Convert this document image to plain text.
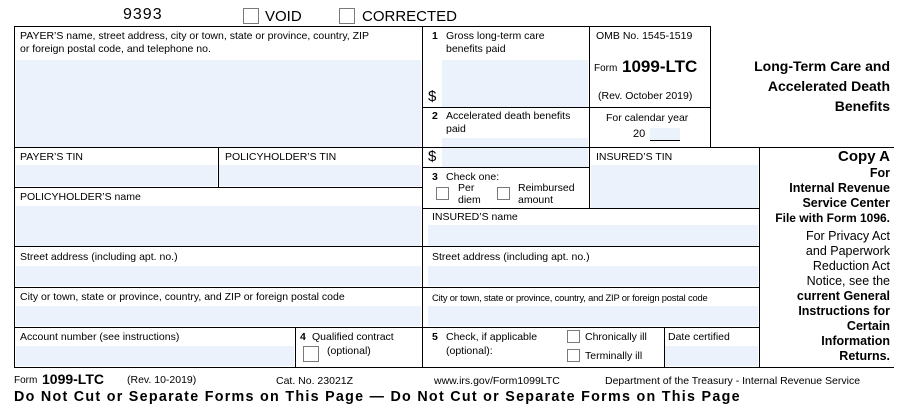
9393	VOID	CORRECTED
PAYER’S name, street address, city or town, state or province, country, ZIP
or foreign postal code, and telephone no.
1 Gross long-term care
benefits paid
$
OMB No. 1545-1519
Form 1099-LTC
(Rev. October 2019)
Long-Term Care and
Accelerated Death
Benefits
2 Accelerated death benefits
paid
$
For calendar year
20
PAYER’S TIN	POLICYHOLDER’S TIN	INSURED’S TIN
3 Check one:
Per
diem
Reimbursed
amount
POLICYHOLDER’S name
INSURED’S name
Street address (including apt. no.)	Street address (including apt. no.)
City or town, state or province, country, and ZIP or foreign postal code	City or town, state or province, country, and ZIP or foreign postal code
Account number (see instructions)	4 Qualified contract
(optional)
5 Check, if applicable
(optional):
Chronically ill
Terminally ill
Date certified
Copy A
For
Internal Revenue
Service Center
File with Form 1096.
For Privacy Act
and Paperwork
Reduction Act
Notice, see the
current General
Instructions for
Certain
Information
Returns.
Form 1099-LTC (Rev. 10-2019)	Cat. No. 23021Z	www.irs.gov/Form1099LTC	Department of the Treasury - Internal Revenue Service
Do Not Cut or Separate Forms on This Page — Do Not Cut or Separate Forms on This Page
